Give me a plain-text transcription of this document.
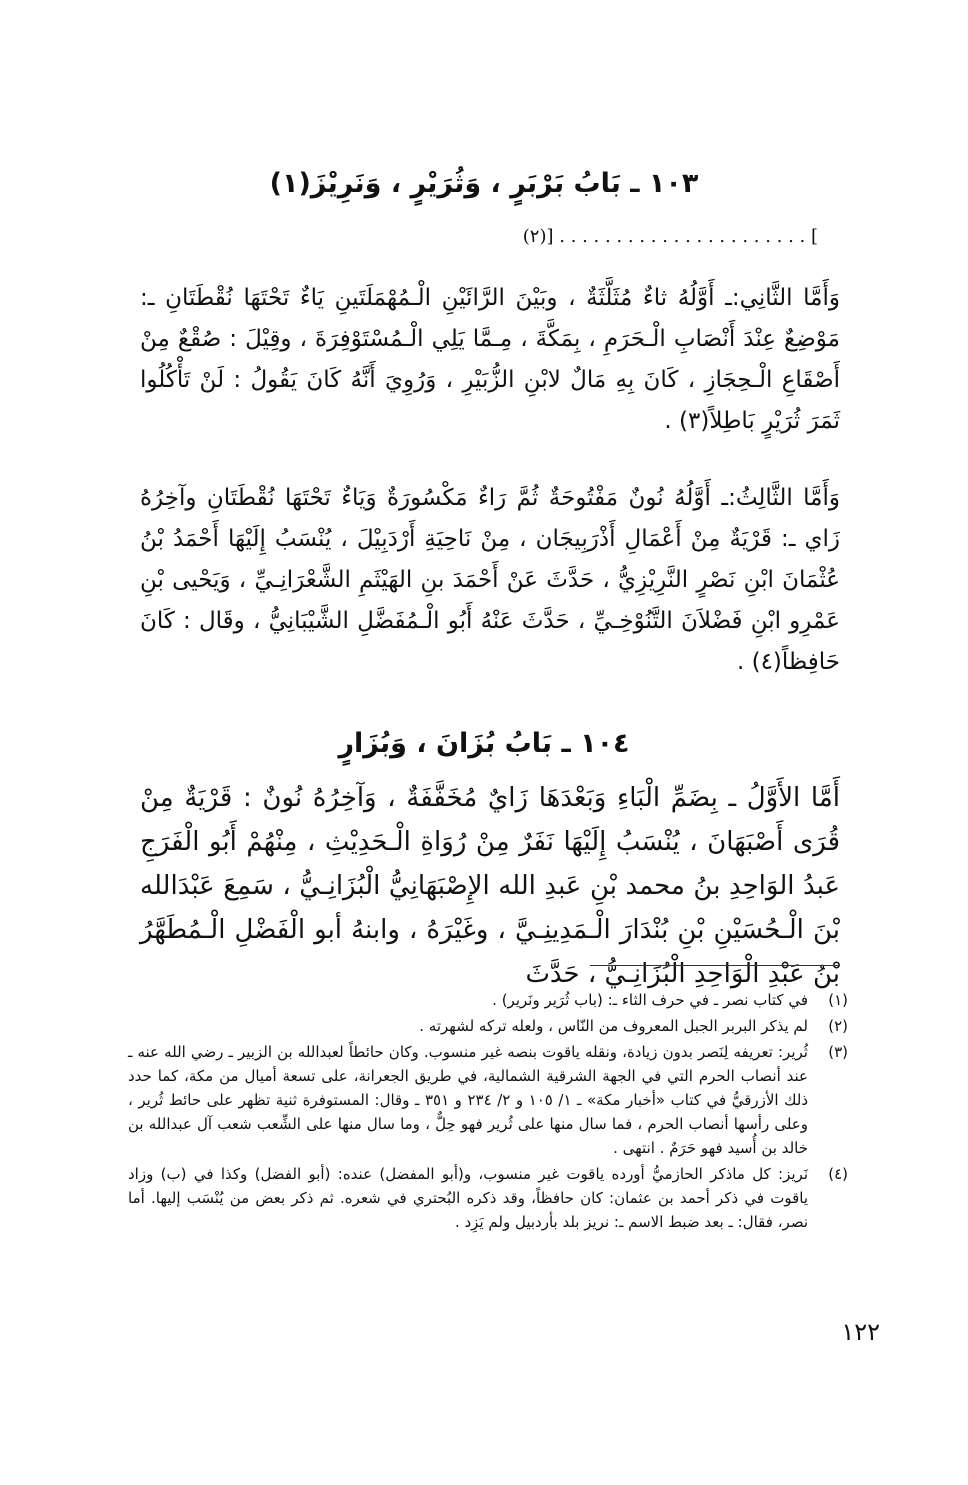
١٠٣ ـ بَابُ بَرْبَرٍ ، وَثُرَيْرٍ ، وَنَرِيْزَ(١)
] . . . . . . . . . . . . . . . . . . . . . . [(٢)
وَأَمَّا الثَّانِي:ـ أَوَّلُهُ ثاءٌ مُثَلَّثَةٌ ، وبَيْنَ الرَّائَيْنِ الْـمُهْمَلَتَينِ يَاءٌ تَحْتَهَا نُقْطَتَانِ ـ: مَوْضِعٌ عِنْدَ أَنْصَابِ الْـحَرَمِ ، بِمَكَّةَ ، مِـمَّا يَلِي الْـمُسْتَوْفِرَةَ ، وقِيْلَ : صُقْعٌ مِنْ أَصْقَاعِ الْـحِجَازِ ، كَانَ بِهِ مَالٌ لابْنِ الزُّبَيْرِ ، وَرُوِيَ أَنَّهُ كَانَ يَقُولُ : لَنْ تَأْكُلُوا ثَمَرَ ثُرَيْرٍ بَاطِلاً(٣) .
وَأَمَّا الثَّالِثُ:ـ أَوَّلُهُ نُونٌ مَفْتُوحَةٌ ثُمَّ رَاءٌ مَكْسُورَةٌ وَيَاءٌ تَحْتَهَا نُقْطَتَانِ وآخِرُهُ زَاي ـ: قَرْيَةٌ مِنْ أَعْمَالِ أَذْرَبِيجَان ، مِنْ نَاحِيَةِ أَرْدَبِيْلَ ، يُنْسَبُ إِلَيْهَا أَحْمَدُ بْنُ عُثْمَانَ ابْنِ نَصْرٍ النَّرِيْزِيُّ ، حَدَّثَ عَنْ أَحْمَدَ بنِ الهَيْثَمِ الشَّعْرَانِـيِّ ، وَيَحْيى بْنِ عَمْرِو ابْنِ فَضْلاَنَ التَّنُوْخِـيِّ ، حَدَّثَ عَنْهُ أَبُو الْـمُفَضَّلِ الشَّيْبَانِيُّ ، وقَال : كَانَ حَافِظاً(٤) .
١٠٤ ـ بَابُ بُزَانَ ، وَبُزَارٍ
أَمَّا الأَوَّلُ ـ بِضَمِّ الْبَاءِ وَبَعْدَهَا زَايٌ مُخَفَّفَةٌ ، وَآخِرُهُ نُونٌ : قَرْيَةٌ مِنْ قُرَى أَصْبَهَانَ ، يُنْسَبُ إِلَيْهَا نَفَرٌ مِنْ رُوَاةِ الْـحَدِيْثِ ، مِنْهُمْ أَبُو الْفَرَجِ عَبدُ الوَاحِدِ بنُ محمد بْنِ عَبدِ الله الإِصْبَهَانِيُّ الْبُزَانِـيُّ ، سَمِعَ عَبْدَالله بْنَ الْـحُسَيْنِ بْنِ بُنْدَارَ الْـمَدِينِـيَّ ، وغَيْرَهُ ، وابنهُ أبو الْفَضْلِ الْـمُطَهَّرُ بْنُ عَبْدِ الْوَاحِدِ الْبُزَانِـيُّ ، حَدَّثَ
(١)
في كتاب نصر ـ في حرف الثاء ـ: (باب ثُرَير ونَرير) .
(٢)
لم يذكر البربر الجبل المعروف من النّاس ، ولعله تركه لشهرته .
(٣)
ثُرير: تعريفه لِنَصر بدون زيادة، ونقله ياقوت بنصه غير منسوب. وكان حائطاً لعبدالله بن الزبير ـ رضي الله عنه ـ عند أنصاب الحرم التي في الجهة الشرقية الشمالية، في طريق الجعرانة، على تسعة أميال من مكة، كما حدد ذلك الأزرقيُّ في كتاب «أخبار مكة» ـ ١/ ١٠٥ و ٢/ ٢٣٤ و ٣٥١ ـ وقال: المستوفرة ثنية تظهر على حائط ثُرير ، وعلى رأسها أنصاب الحرم ، فما سال منها على ثُرير فهو حِلٌّ ، وما سال منها على الشِّعب شعب آل عبدالله بن خالد بن أُسيد فهو حَرَمٌ . انتهى .
(٤)
نَريز: كل ماذكر الحازميُّ أورده ياقوت غير منسوب، و(أبو المفضل) عنده: (أبو الفضل) وكذا في (ب) وزاد ياقوت في ذكر أحمد بن عثمان: كان حافظاً، وقد ذكره البُحتري في شعره. ثم ذكر بعض من يُنْسَب إليها. أما نصر، فقال: ـ بعد ضبط الاسم ـ: نريز بلد بأردبيل ولم يَزِد .
١٢٢
